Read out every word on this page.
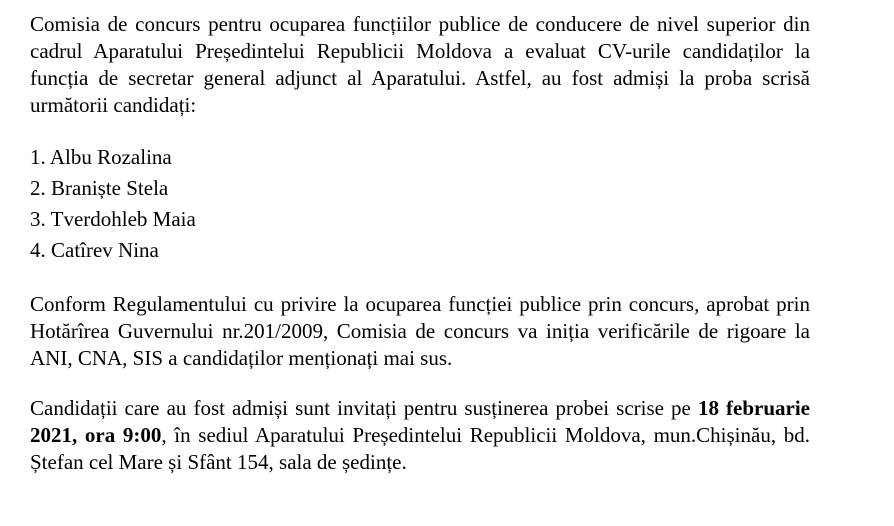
Comisia de concurs pentru ocuparea funcțiilor publice de conducere de nivel superior din cadrul Aparatului Președintelui Republicii Moldova a evaluat CV-urile candidaților la funcția de secretar general adjunct al Aparatului. Astfel, au fost admiși la proba scrisă următorii candidați:

1. Albu Rozalina
2. Braniște Stela
3. Tverdohleb Maia
4. Catîrev Nina

Conform Regulamentului cu privire la ocuparea funcției publice prin concurs, aprobat prin Hotărîrea Guvernului nr.201/2009, Comisia de concurs va iniția verificările de rigoare la ANI, CNA, SIS a candidaților menționați mai sus.

Candidații care au fost admiși sunt invitați pentru susținerea probei scrise pe 18 februarie 2021, ora 9:00, în sediul Aparatului Președintelui Republicii Moldova, mun.Chișinău, bd. Ștefan cel Mare și Sfânt 154, sala de ședințe.
